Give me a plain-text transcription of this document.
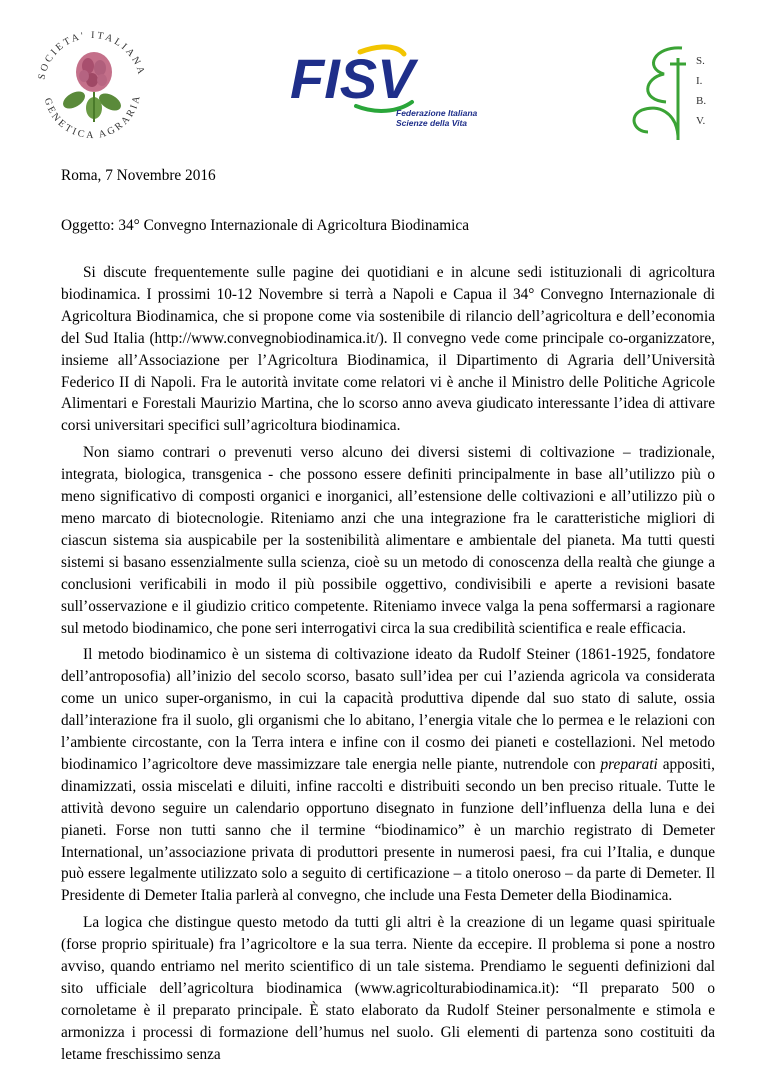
SOCIETA' ITALIANA
GENETICA AGRARIA	FISV
Federazione Italiana
Scienze della Vita
S.
I.
B.
V.
Roma, 7 Novembre 2016
Oggetto: 34° Convegno Internazionale di Agricoltura Biodinamica

Si discute frequentemente sulle pagine dei quotidiani e in alcune sedi istituzionali di agricoltura biodinamica. I prossimi 10-12 Novembre si terrà a Napoli e Capua il 34° Convegno Internazionale di Agricoltura Biodinamica, che si propone come via sostenibile di rilancio dell’agricoltura e dell’economia del Sud Italia (http://www.convegnobiodinamica.it/). Il convegno vede come principale co-organizzatore, insieme all’Associazione per l’Agricoltura Biodinamica, il Dipartimento di Agraria dell’Università Federico II di Napoli. Fra le autorità invitate come relatori vi è anche il Ministro delle Politiche Agricole Alimentari e Forestali Maurizio Martina, che lo scorso anno aveva giudicato interessante l’idea di attivare corsi universitari specifici sull’agricoltura biodinamica.

Non siamo contrari o prevenuti verso alcuno dei diversi sistemi di coltivazione – tradizionale, integrata, biologica, transgenica - che possono essere definiti principalmente in base all’utilizzo più o meno significativo di composti organici e inorganici, all’estensione delle coltivazioni e all’utilizzo più o meno marcato di biotecnologie. Riteniamo anzi che una integrazione fra le caratteristiche migliori di ciascun sistema sia auspicabile per la sostenibilità alimentare e ambientale del pianeta. Ma tutti questi sistemi si basano essenzialmente sulla scienza, cioè su un metodo di conoscenza della realtà che giunge a conclusioni verificabili in modo il più possibile oggettivo, condivisibili e aperte a revisioni basate sull’osservazione e il giudizio critico competente. Riteniamo invece valga la pena soffermarsi a ragionare sul metodo biodinamico, che pone seri interrogativi circa la sua credibilità scientifica e reale efficacia.

Il metodo biodinamico è un sistema di coltivazione ideato da Rudolf Steiner (1861-1925, fondatore dell’antroposofia) all’inizio del secolo scorso, basato sull’idea per cui l’azienda agricola va considerata come un unico super-organismo, in cui la capacità produttiva dipende dal suo stato di salute, ossia dall’interazione fra il suolo, gli organismi che lo abitano, l’energia vitale che lo permea e le relazioni con l’ambiente circostante, con la Terra intera e infine con il cosmo dei pianeti e costellazioni. Nel metodo biodinamico l’agricoltore deve massimizzare tale energia nelle piante, nutrendole con preparati appositi, dinamizzati, ossia miscelati e diluiti, infine raccolti e distribuiti secondo un ben preciso rituale. Tutte le attività devono seguire un calendario opportuno disegnato in funzione dell’influenza della luna e dei pianeti. Forse non tutti sanno che il termine “biodinamico” è un marchio registrato di Demeter International, un’associazione privata di produttori presente in numerosi paesi, fra cui l’Italia, e dunque può essere legalmente utilizzato solo a seguito di certificazione – a titolo oneroso – da parte di Demeter. Il Presidente di Demeter Italia parlerà al convegno, che include una Festa Demeter della Biodinamica.

La logica che distingue questo metodo da tutti gli altri è la creazione di un legame quasi spirituale (forse proprio spirituale) fra l’agricoltore e la sua terra. Niente da eccepire. Il problema si pone a nostro avviso, quando entriamo nel merito scientifico di un tale sistema. Prendiamo le seguenti definizioni dal sito ufficiale dell’agricoltura biodinamica (www.agricolturabiodinamica.it): “Il preparato 500 o cornoletame è il preparato principale. È stato elaborato da Rudolf Steiner personalmente e stimola e armonizza i processi di formazione dell’humus nel suolo. Gli elementi di partenza sono costituiti da letame freschissimo senza
